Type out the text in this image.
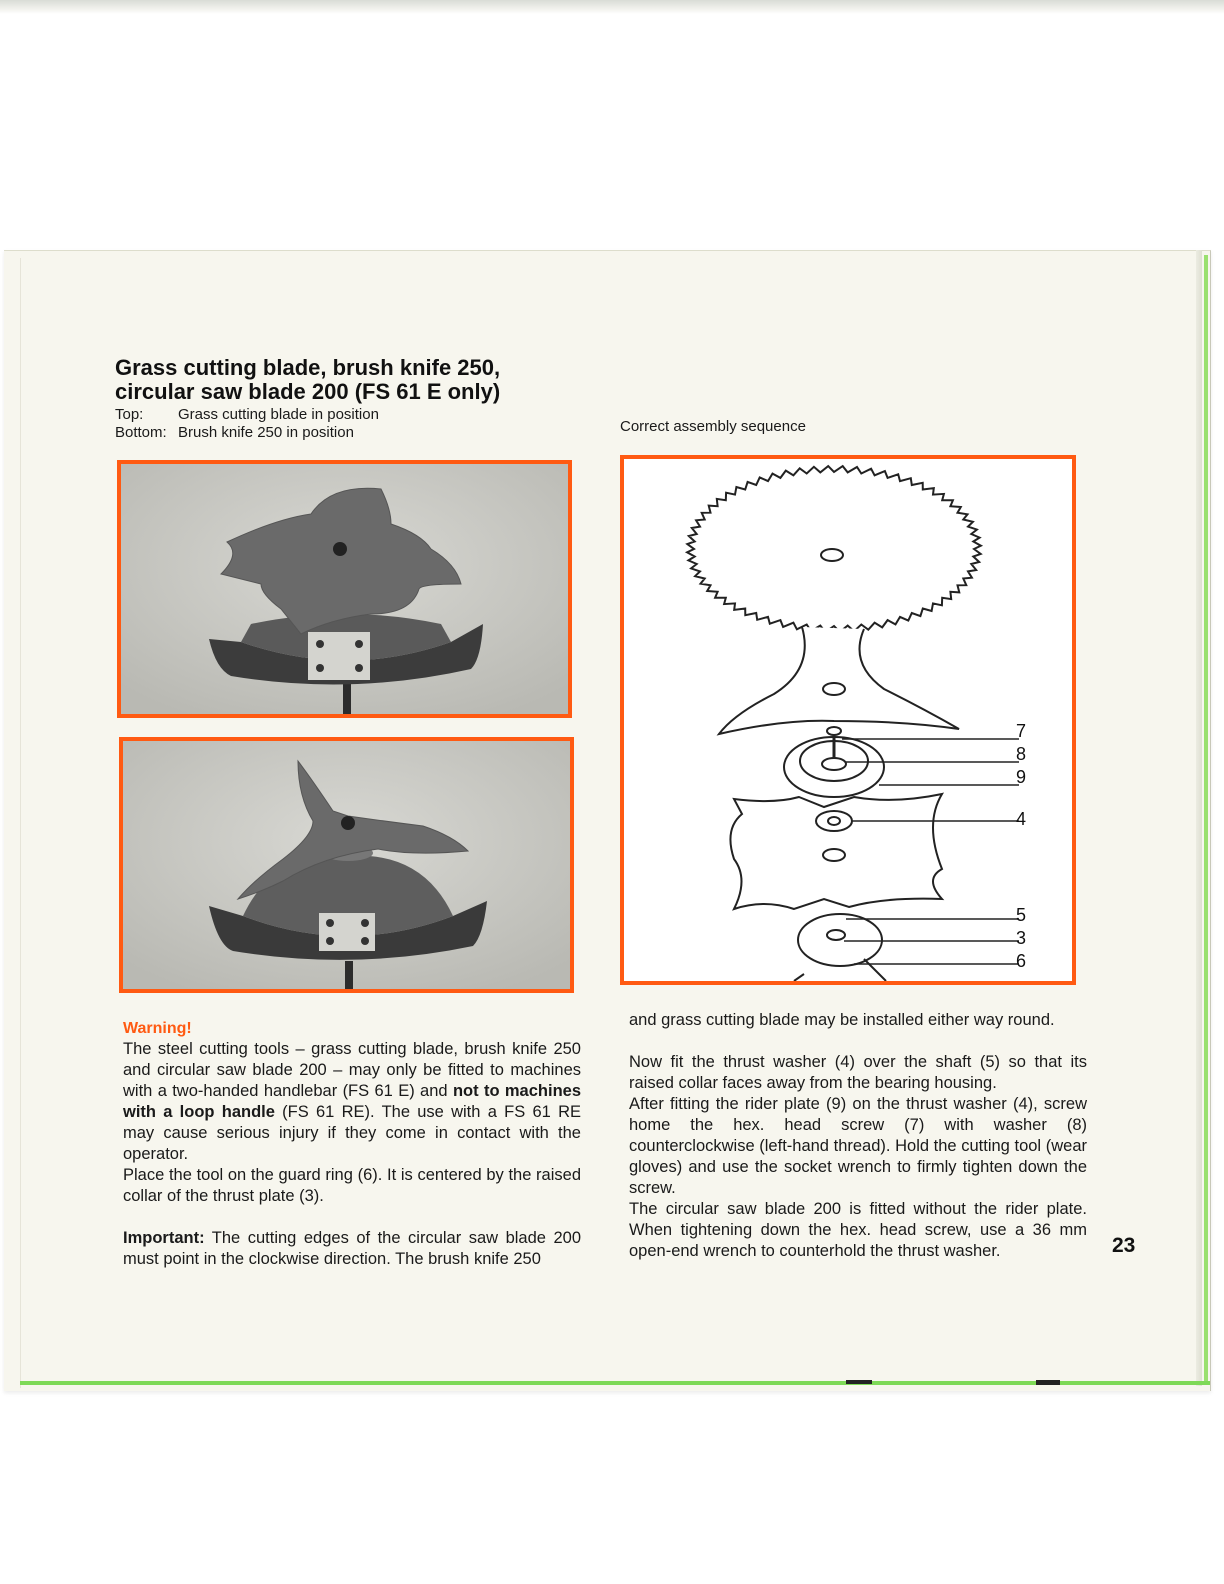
Grass cutting blade, brush knife 250,
circular saw blade 200 (FS 61 E only)
Top:	Grass cutting blade in position
Bottom: Brush knife 250 in position	Correct assembly sequence
7
8
9
4
5
3
6
Warning!

The steel cutting tools – grass cutting blade, brush knife 250 and circular saw blade 200 – may only be fitted to machines with a two-handed handlebar (FS 61 E) and not to machines with a loop handle (FS 61 RE). The use with a FS 61 RE may cause serious injury if they come in contact with the operator.

Place the tool on the guard ring (6). It is centered by the raised collar of the thrust plate (3).

Important: The cutting edges of the circular saw blade 200 must point in the clockwise direction. The brush knife 250

and grass cutting blade may be installed either way round.

Now fit the thrust washer (4) over the shaft (5) so that its raised collar faces away from the bearing housing.

After fitting the rider plate (9) on the thrust washer (4), screw home the hex. head screw (7) with washer (8) counterclockwise (left-hand thread). Hold the cutting tool (wear gloves) and use the socket wrench to firmly tighten down the screw.

The circular saw blade 200 is fitted without the rider plate. When tightening down the hex. head screw, use a 36 mm open-end wrench to counterhold the thrust washer.	23
